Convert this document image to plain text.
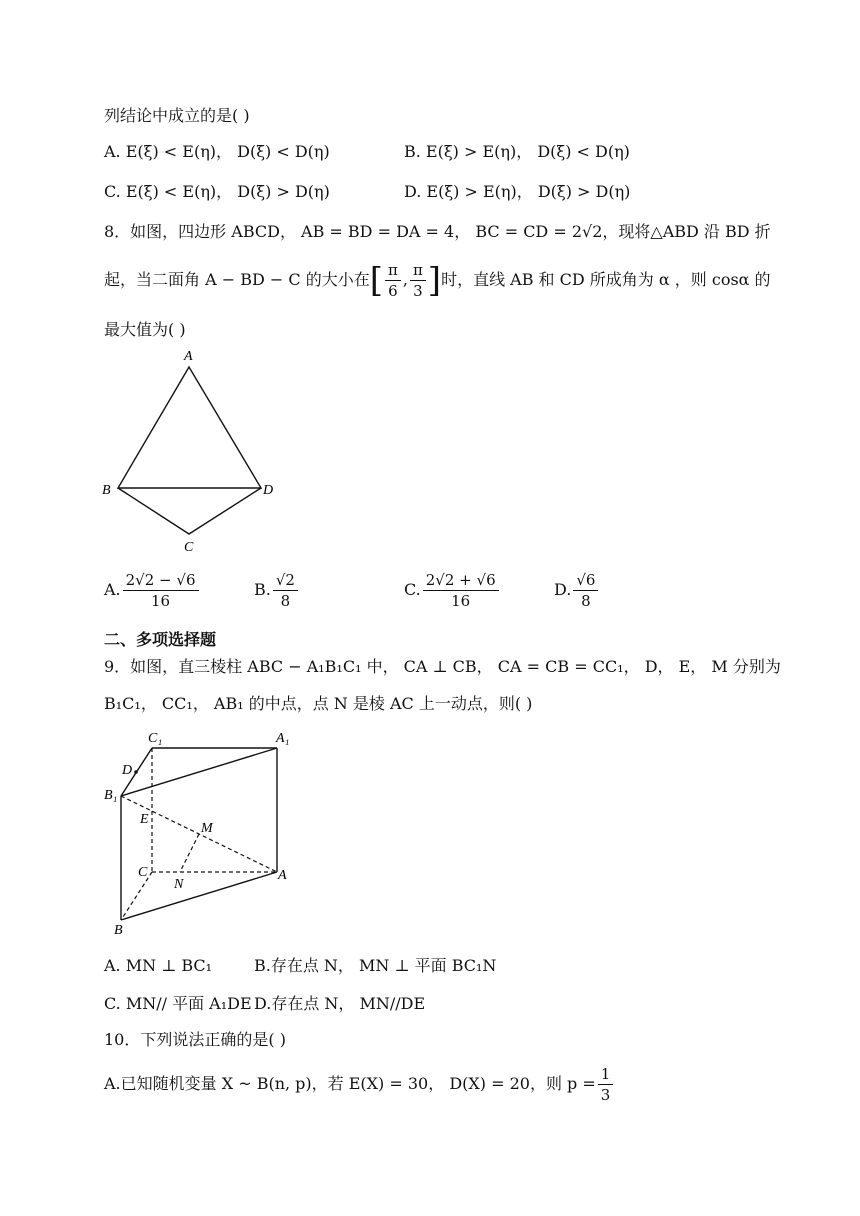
列结论中成立的是( )
A. E(ξ) < E(η)， D(ξ) < D(η)	B. E(ξ) > E(η)， D(ξ) < D(η)
C. E(ξ) < E(η)， D(ξ) > D(η)	D. E(ξ) > E(η)， D(ξ) > D(η)
8．如图，四边形 ABCD， AB = BD = DA = 4， BC = CD = 2√2，现将△ABD 沿 BD 折
起，当二面角 A − BD − C 的大小在[ $\frac{\pi}{6}$ , $\frac{\pi}{3}$ ]时，直线 AB 和 CD 所成角为 α ，则 cosα 的
最大值为( )
A
B	D
C
A. $\frac{2√2 - √6}{16}$	B. $\frac{√2}{8}$	C. $\frac{2√2 + √6}{16}$	D. $\frac{√6}{8}$
二、多项选择题
9．如图，直三棱柱 ABC − A₁B₁C₁ 中， CA ⊥ CB， CA = CB = CC₁， D， E， M 分别为
B₁C₁， CC₁， AB₁ 的中点，点 N 是棱 AC 上一动点，则( )
C₁	A₁
D
B₁
E
M
C
N
A
B
A. MN ⊥ BC₁	B.存在点 N， MN ⊥ 平面 BC₁N
C. MN// 平面 A₁DE D.存在点 N， MN//DE
10．下列说法正确的是( )
A.已知随机变量 X ~ B(n, p)，若 E(X) = 30， D(X) = 20，则 $p = \frac{1}{3}$
